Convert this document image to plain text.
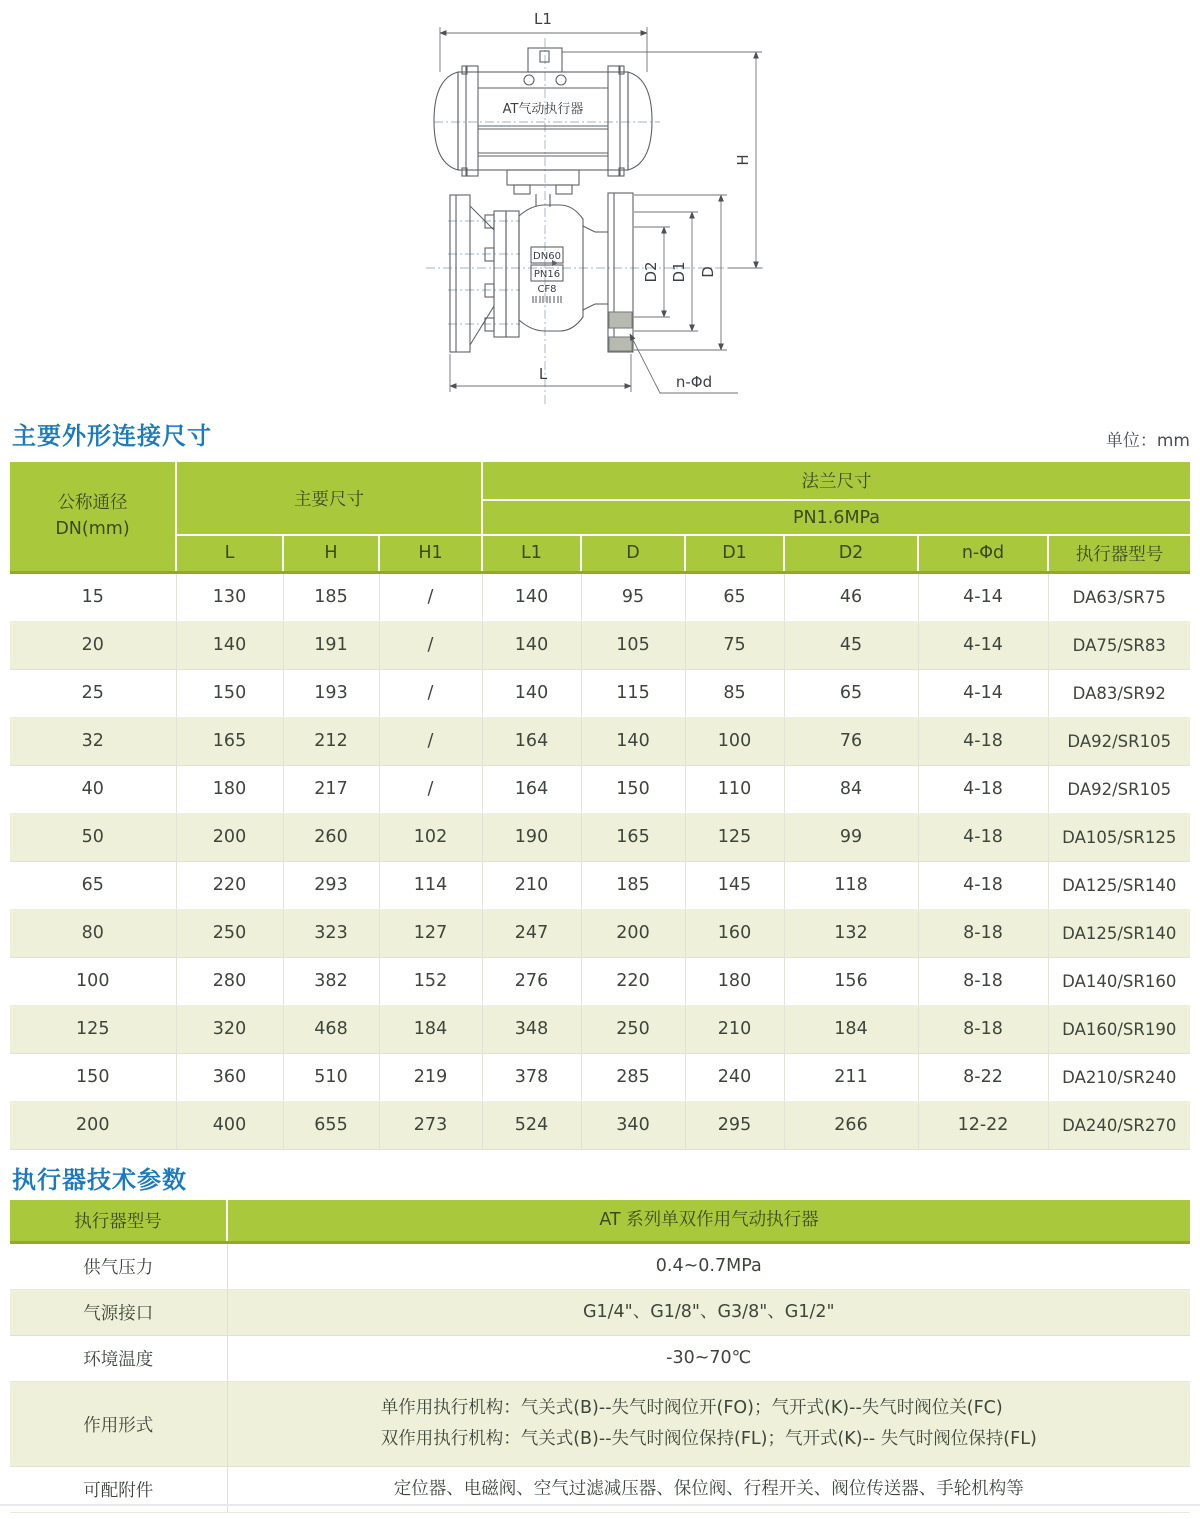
AT气动执行器
DN60
PN16
CF8
L1
H
D2 D1 D
L	n-Φd
主要外形连接尺寸	单位：mm
公称通径
DN(mm)	主要尺寸			法兰尺寸					
				PN1.6MPa					
	L	H	H1	L1	D	D1	D2	n-Φd	执行器型号
15	130	185	/	140	95	65	46	4-14	DA63/SR75
20	140	191	/	140	105	75	45	4-14	DA75/SR83
25	150	193	/	140	115	85	65	4-14	DA83/SR92
32	165	212	/	164	140	100	76	4-18	DA92/SR105
40	180	217	/	164	150	110	84	4-18	DA92/SR105
50	200	260	102	190	165	125	99	4-18	DA105/SR125
65	220	293	114	210	185	145	118	4-18	DA125/SR140
80	250	323	127	247	200	160	132	8-18	DA125/SR140
100	280	382	152	276	220	180	156	8-18	DA140/SR160
125	320	468	184	348	250	210	184	8-18	DA160/SR190
150	360	510	219	378	285	240	211	8-22	DA210/SR240
200	400	655	273	524	340	295	266	12-22	DA240/SR270
执行器技术参数
执行器型号	AT 系列单双作用气动执行器

供气压力	0.4~0.7MPa

气源接口	G1/4"、G1/8"、G3/8"、G1/2"

环境温度	-30~70℃

作用形式	单作用执行机构：气关式(B)--失气时阀位开(FO)；气开式(K)--失气时阀位关(FC)
双作用执行机构：气关式(B)--失气时阀位保持(FL)；气开式(K)-- 失气时阀位保持(FL)

可配附件	定位器、电磁阀、空气过滤减压器、保位阀、行程开关、阀位传送器、手轮机构等
